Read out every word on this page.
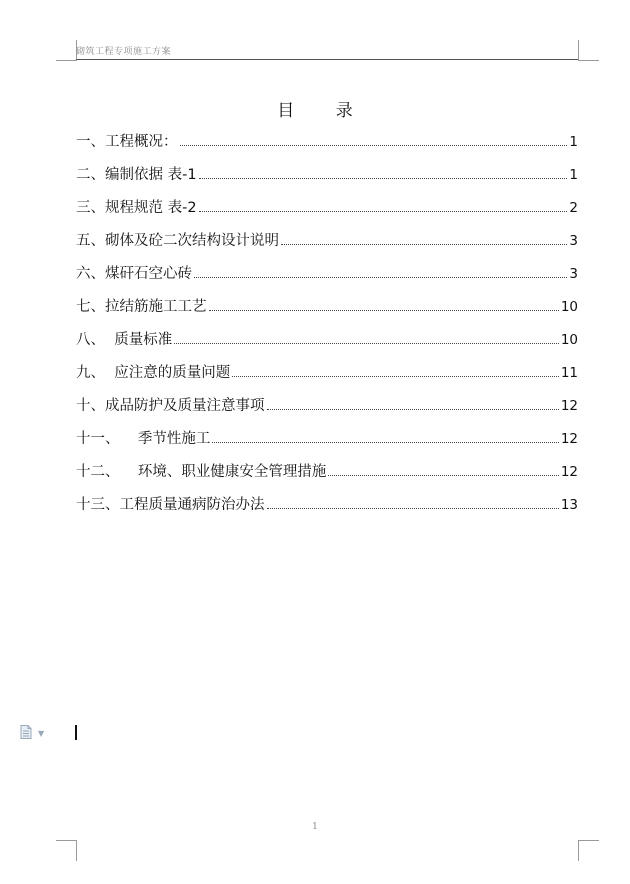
砌筑工程专项施工方案
目 录
一、工程概况：	1
二、编制依据 表-1	1
三、规程规范 表-2	2
五、砌体及砼二次结构设计说明	3
六、煤矸石空心砖	3
七、拉结筋施工工艺	10
八、  质量标准	10
九、  应注意的质量问题	11
十、成品防护及质量注意事项	12
十一、    季节性施工	12
十二、    环境、职业健康安全管理措施	12
十三、工程质量通病防治办法	13
▼
1
